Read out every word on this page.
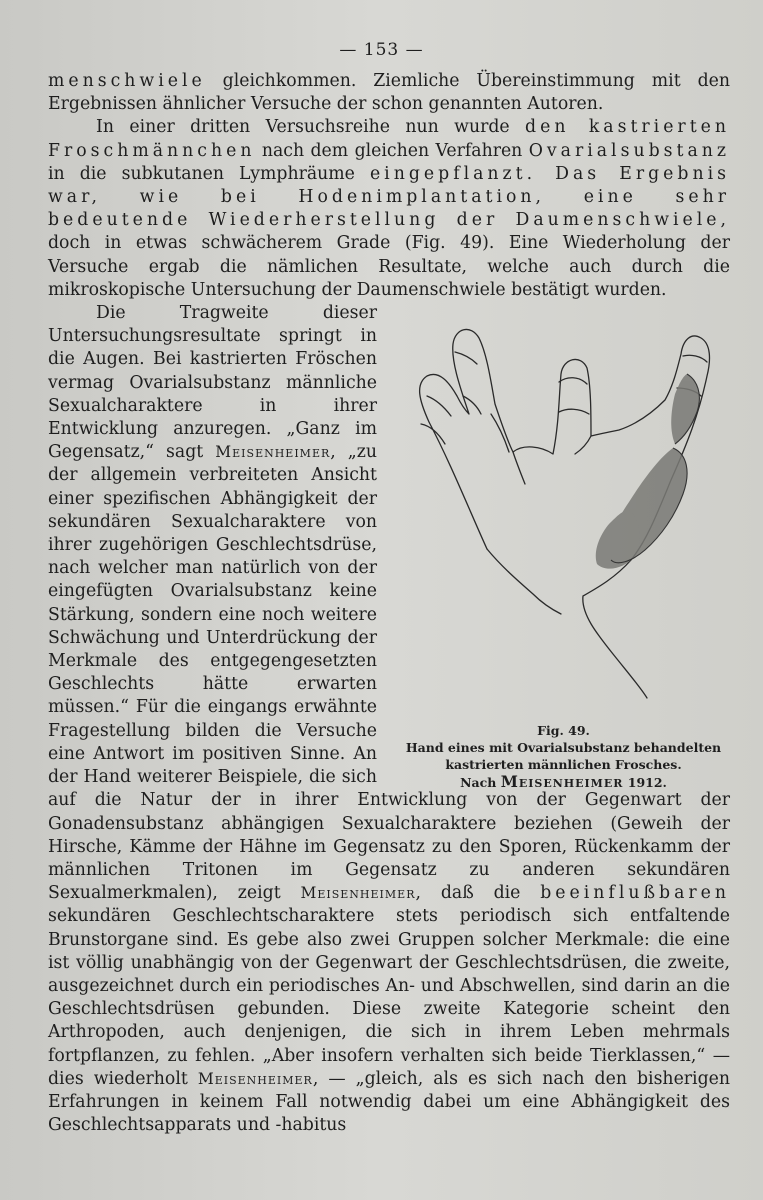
— 153 —

menschwiele gleichkommen. Ziemliche Übereinstimmung mit den Ergebnissen ähnlicher Versuche der schon genannten Autoren.

In einer dritten Versuchsreihe nun wurde den kastrierten Froschmännchen nach dem gleichen Verfahren Ovarialsubstanz in die subkutanen Lymphräume eingepflanzt. Das Ergebnis war, wie bei Hodenimplantation, eine sehr bedeutende Wiederherstellung der Daumenschwiele, doch in etwas schwächerem Grade (Fig. 49). Eine Wiederholung der Versuche ergab die nämlichen Resultate, welche auch durch die mikroskopische Untersuchung der Daumenschwiele bestätigt wurden.

Fig. 49.
Hand eines mit Ovarialsubstanz behandelten kastrierten männlichen Frosches.
Nach Meisenheimer 1912.

Die Tragweite dieser Untersuchungsresultate springt in die Augen. Bei kastrierten Fröschen vermag Ovarialsubstanz männliche Sexualcharaktere in ihrer Entwicklung anzuregen. „Ganz im Gegensatz,“ sagt Meisenheimer, „zu der allgemein verbreiteten Ansicht einer spezifischen Abhängigkeit der sekundären Sexualcharaktere von ihrer zugehörigen Geschlechtsdrüse, nach welcher man natürlich von der eingefügten Ovarialsubstanz keine Stärkung, sondern eine noch weitere Schwächung und Unterdrückung der Merkmale des entgegengesetzten Geschlechts hätte erwarten müssen.“ Für die eingangs erwähnte Fragestellung bilden die Versuche eine Antwort im positiven Sinne. An der Hand weiterer Beispiele, die sich auf die Natur der in ihrer Entwicklung von der Gegenwart der Gonadensubstanz abhängigen Sexualcharaktere beziehen (Geweih der Hirsche, Kämme der Hähne im Gegensatz zu den Sporen, Rückenkamm der männlichen Tritonen im Gegensatz zu anderen sekundären Sexualmerkmalen), zeigt Meisenheimer, daß die beeinflußbaren sekundären Geschlechtscharaktere stets periodisch sich entfaltende Brunstorgane sind. Es gebe also zwei Gruppen solcher Merkmale: die eine ist völlig unabhängig von der Gegenwart der Geschlechtsdrüsen, die zweite, ausgezeichnet durch ein periodisches An- und Abschwellen, sind darin an die Geschlechtsdrüsen gebunden. Diese zweite Kategorie scheint den Arthropoden, auch denjenigen, die sich in ihrem Leben mehrmals fortpflanzen, zu fehlen. „Aber insofern verhalten sich beide Tierklassen,“ — dies wiederholt Meisenheimer, — „gleich, als es sich nach den bisherigen Erfahrungen in keinem Fall notwendig dabei um eine Abhängigkeit des Geschlechtsapparats und -habitus
